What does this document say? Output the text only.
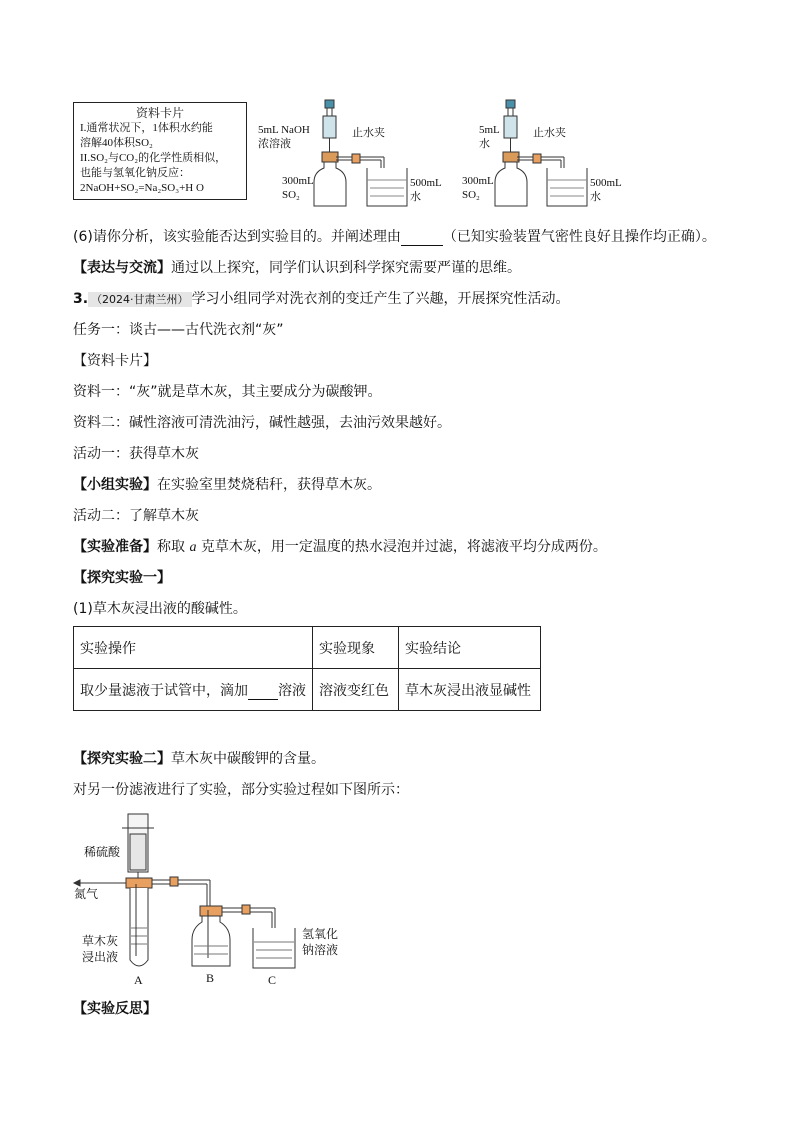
资料卡片
I.通常状况下，1体积水约能
溶解40体积SO₂
II.SO₂与CO₂的化学性质相似，
也能与氢氧化钠反应：
2NaOH+SO₂=Na₂SO₃+H O
5mL NaOH
浓溶液
止水夹
300mL
SO₂
500mL
水
5mL
水
止水夹
300mL
SO₂
500mL
水
(6)请你分析，该实验能否达到实验目的。并阐述理由	（已知实验装置气密性良好且操作均正确）。
【表达与交流】通过以上探究，同学们认识到科学探究需要严谨的思维。
3. （2024·甘肃兰州） 学习小组同学对洗衣剂的变迁产生了兴趣，开展探究性活动。
任务一：谈古——古代洗衣剂“灰”
【资料卡片】
资料一：“灰”就是草木灰，其主要成分为碳酸钾。
资料二：碱性溶液可清洗油污，碱性越强，去油污效果越好。
活动一：获得草木灰
【小组实验】在实验室里焚烧秸秆，获得草木灰。
活动二：了解草木灰
【实验准备】称取 a 克草木灰，用一定温度的热水浸泡并过滤，将滤液平均分成两份。
【探究实验一】
(1)草木灰浸出液的酸碱性。
实验操作	实验现象	实验结论
取少量滤液于试管中，滴加 溶液	溶液变红色	草木灰浸出液显碱性
【探究实验二】草木灰中碳酸钾的含量。
对另一份滤液进行了实验，部分实验过程如下图所示：
稀硫酸
氮气
草木灰
浸出液
氢氧化
钠溶液
A	B	C
【实验反思】
